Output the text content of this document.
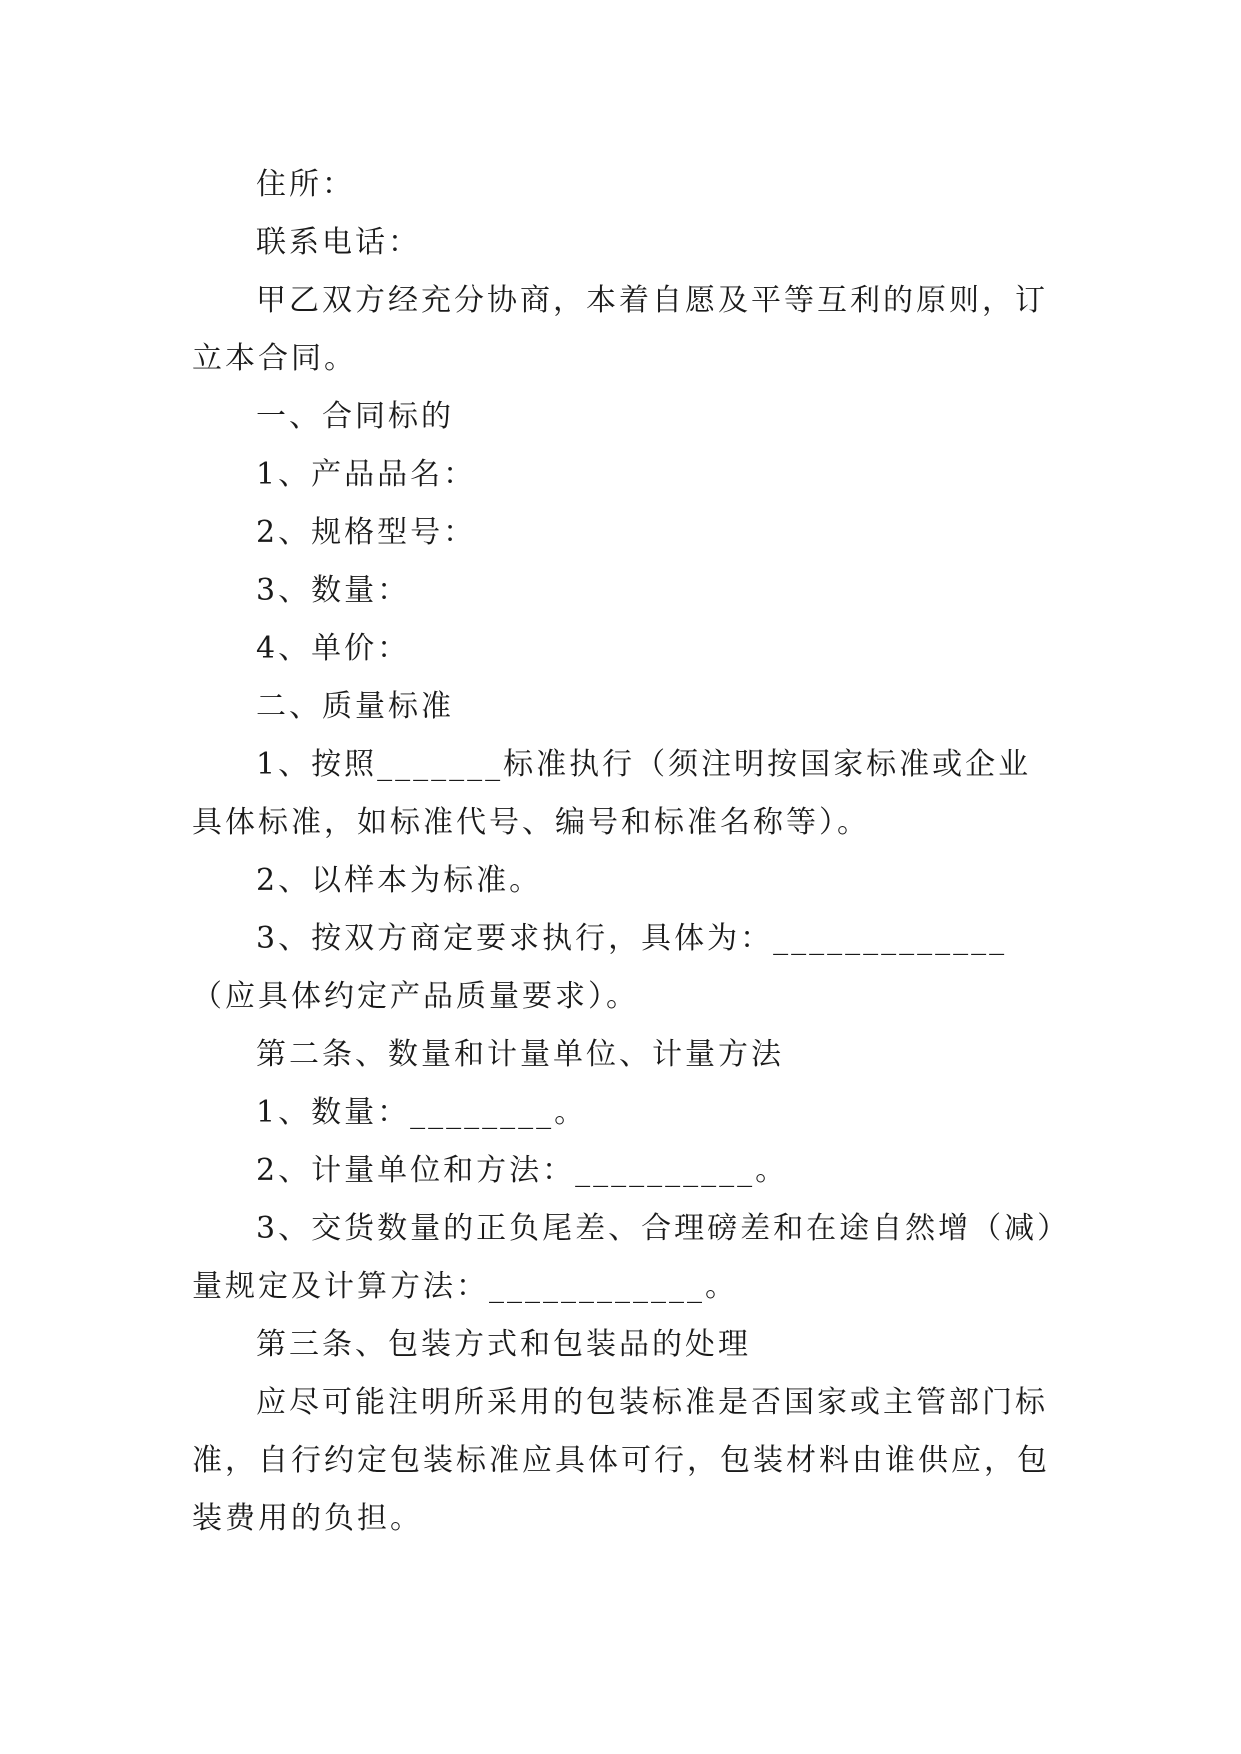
住所：

联系电话：

甲乙双方经充分协商，本着自愿及平等互利的原则，订立本合同。

一、合同标的

1、产品品名：

2、规格型号：

3、数量：

4、单价：

二、质量标准

1、按照_______标准执行（须注明按国家标准或企业具体标准，如标准代号、编号和标准名称等）。

2、以样本为标准。

3、按双方商定要求执行，具体为：_____________（应具体约定产品质量要求）。

第二条、数量和计量单位、计量方法

1、数量：________。

2、计量单位和方法：__________。

3、交货数量的正负尾差、合理磅差和在途自然增（减）量规定及计算方法：____________。

第三条、包装方式和包装品的处理

应尽可能注明所采用的包装标准是否国家或主管部门标准，自行约定包装标准应具体可行，包装材料由谁供应，包装费用的负担。
